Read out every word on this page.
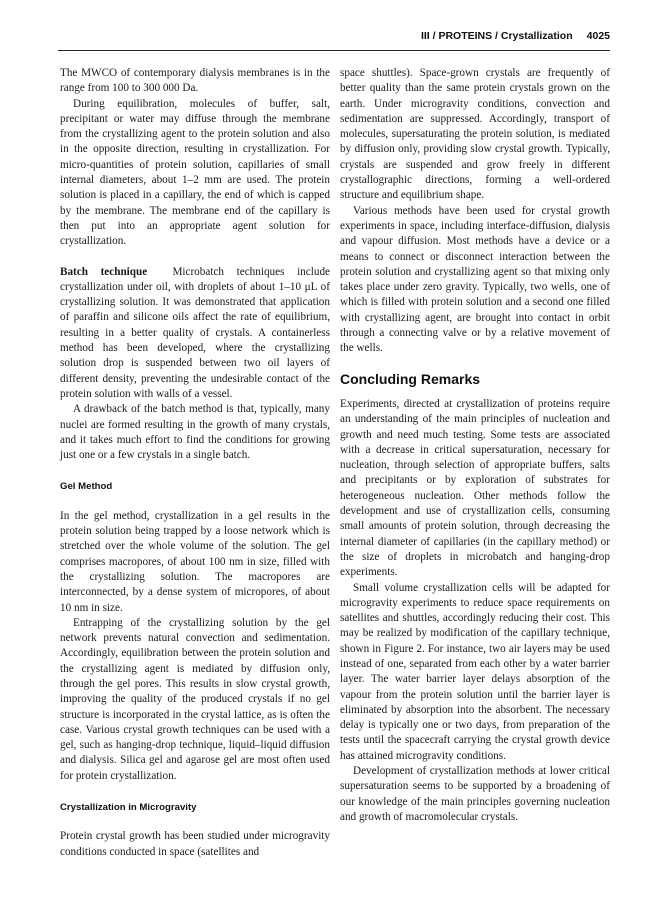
III / PROTEINS / Crystallization 4025

The MWCO of contemporary dialysis membranes is in the range from 100 to 300 000 Da.

During equilibration, molecules of buffer, salt, precipitant or water may diffuse through the membrane from the crystallizing agent to the protein solution and also in the opposite direction, resulting in crystallization. For micro-quantities of protein solution, capillaries of small internal diameters, about 1–2 mm are used. The protein solution is placed in a capillary, the end of which is capped by the membrane. The membrane end of the capillary is then put into an appropriate agent solution for crystallization.

Batch technique Microbatch techniques include crystallization under oil, with droplets of about 1–10 μL of crystallizing solution. It was demonstrated that application of paraffin and silicone oils affect the rate of equilibrium, resulting in a better quality of crystals. A containerless method has been developed, where the crystallizing solution drop is suspended between two oil layers of different density, preventing the undesirable contact of the protein solution with walls of a vessel.

A drawback of the batch method is that, typically, many nuclei are formed resulting in the growth of many crystals, and it takes much effort to find the conditions for growing just one or a few crystals in a single batch.

Gel Method

In the gel method, crystallization in a gel results in the protein solution being trapped by a loose network which is stretched over the whole volume of the solution. The gel comprises macropores, of about 100 nm in size, filled with the crystallizing solution. The macropores are interconnected, by a dense system of micropores, of about 10 nm in size.

Entrapping of the crystallizing solution by the gel network prevents natural convection and sedimentation. Accordingly, equilibration between the protein solution and the crystallizing agent is mediated by diffusion only, through the gel pores. This results in slow crystal growth, improving the quality of the produced crystals if no gel structure is incorporated in the crystal lattice, as is often the case. Various crystal growth techniques can be used with a gel, such as hanging-drop technique, liquid–liquid diffusion and dialysis. Silica gel and agarose gel are most often used for protein crystallization.

Crystallization in Microgravity

Protein crystal growth has been studied under microgravity conditions conducted in space (satellites and

space shuttles). Space-grown crystals are frequently of better quality than the same protein crystals grown on the earth. Under microgravity conditions, convection and sedimentation are suppressed. Accordingly, transport of molecules, supersaturating the protein solution, is mediated by diffusion only, providing slow crystal growth. Typically, crystals are suspended and grow freely in different crystallographic directions, forming a well-ordered structure and equilibrium shape.

Various methods have been used for crystal growth experiments in space, including interface-diffusion, dialysis and vapour diffusion. Most methods have a device or a means to connect or disconnect interaction between the protein solution and crystallizing agent so that mixing only takes place under zero gravity. Typically, two wells, one of which is filled with protein solution and a second one filled with crystallizing agent, are brought into contact in orbit through a connecting valve or by a relative movement of the wells.

Concluding Remarks

Experiments, directed at crystallization of proteins require an understanding of the main principles of nucleation and growth and need much testing. Some tests are associated with a decrease in critical supersaturation, necessary for nucleation, through selection of appropriate buffers, salts and precipitants or by exploration of substrates for heterogeneous nucleation. Other methods follow the development and use of crystallization cells, consuming small amounts of protein solution, through decreasing the internal diameter of capillaries (in the capillary method) or the size of droplets in microbatch and hanging-drop experiments.

Small volume crystallization cells will be adapted for microgravity experiments to reduce space requirements on satellites and shuttles, accordingly reducing their cost. This may be realized by modification of the capillary technique, shown in Figure 2. For instance, two air layers may be used instead of one, separated from each other by a water barrier layer. The water barrier layer delays absorption of the vapour from the protein solution until the barrier layer is eliminated by absorption into the absorbent. The necessary delay is typically one or two days, from preparation of the tests until the spacecraft carrying the crystal growth device has attained microgravity conditions.

Development of crystallization methods at lower critical supersaturation seems to be supported by a broadening of our knowledge of the main principles governing nucleation and growth of macromolecular crystals.
